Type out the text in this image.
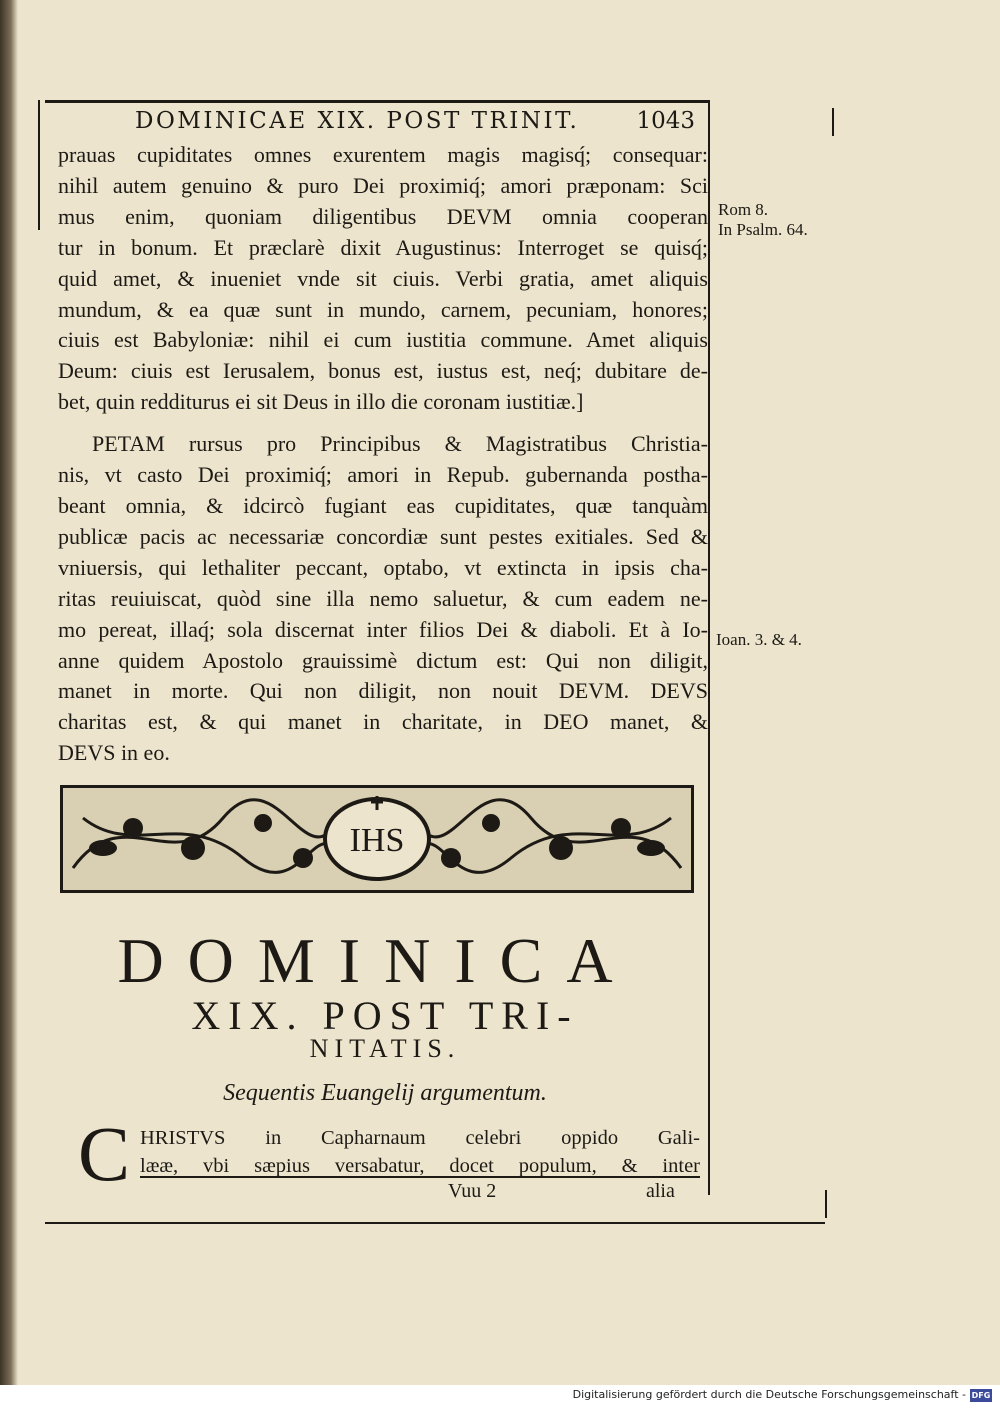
DOMINICAE XIX. POST TRINIT. 1043
prauas cupiditates omnes exurentem magis magisq́; consequar:
nihil autem genuino & puro Dei proximiq́; amori præponam: Sci
mus enim, quoniam diligentibus DEVM omnia cooperan
tur in bonum. Et præclarè dixit Augustinus: Interroget se quisq́;
quid amet, & inueniet vnde sit ciuis. Verbi gratia, amet aliquis
mundum, & ea quæ sunt in mundo, carnem, pecuniam, honores;
ciuis est Babyloniæ: nihil ei cum iustitia commune. Amet aliquis
Deum: ciuis est Ierusalem, bonus est, iustus est, neq́; dubitare de-
bet, quin redditurus ei sit Deus in illo die coronam iustitiæ.]
PETAM rursus pro Principibus & Magistratibus Christia-
nis, vt casto Dei proximiq́; amori in Repub. gubernanda postha-
beant omnia, & idcircò fugiant eas cupiditates, quæ tanquàm
publicæ pacis ac necessariæ concordiæ sunt pestes exitiales. Sed &
vniuersis, qui lethaliter peccant, optabo, vt extincta in ipsis cha-
ritas reuiuiscat, quòd sine illa nemo saluetur, & cum eadem ne-
mo pereat, illaq́; sola discernat inter filios Dei & diaboli. Et à Io-
anne quidem Apostolo grauissimè dictum est: Qui non diligit,
manet in morte. Qui non diligit, non nouit DEVM. DEVS
charitas est, & qui manet in charitate, in DEO manet, &
DEVS in eo.
Rom 8.
In Psalm. 64.
Ioan. 3. & 4.
IHS
DOMINICA
XIX. POST TRI-
NITATIS.
Sequentis Euangelij argumentum.
C HRISTVS in Capharnaum celebri oppido Gali-
lææ, vbi sæpius versabatur, docet populum, & inter
Vuu 2	alia
Digitalisierung gefördert durch die Deutsche Forschungsgemeinschaft - DFG
